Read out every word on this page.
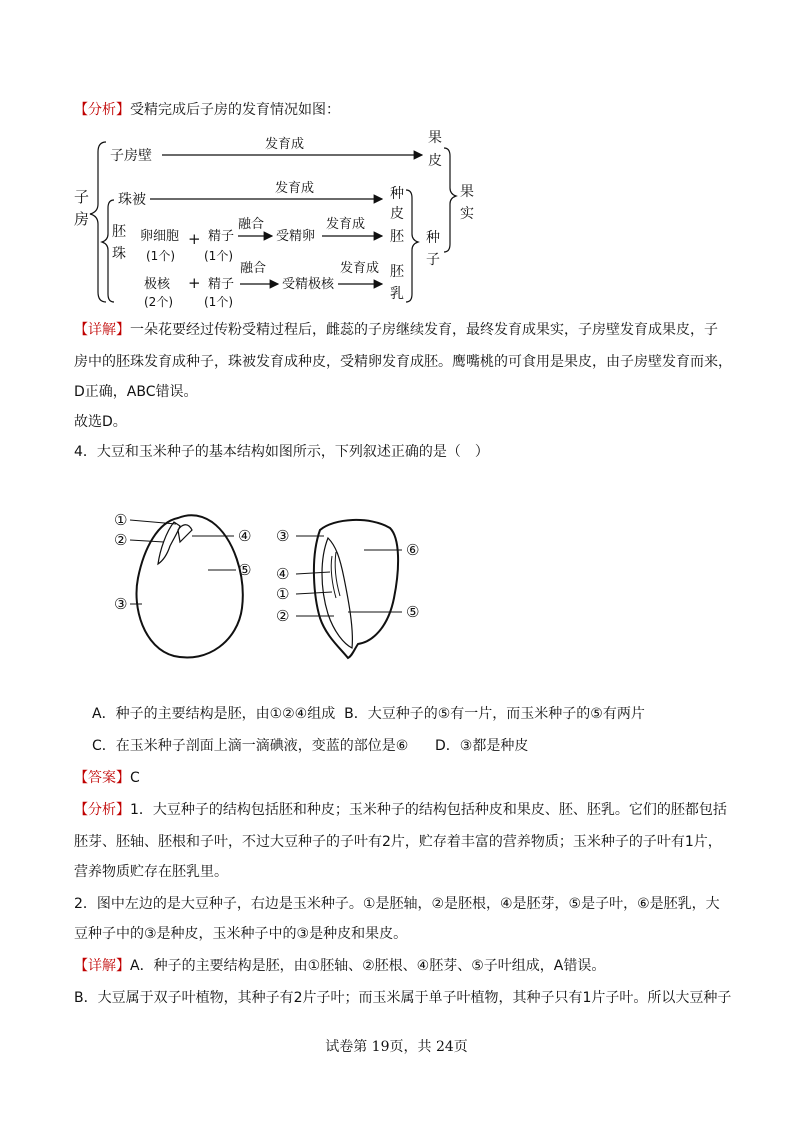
【分析】受精完成后子房的发育情况如图：
子
房
子房壁
发育成	果
皮
果
实
胚
珠
珠被
发育成	种
皮
卵细胞
(1个)
+ 精子
(1个)
融合
受精卵
发育成
胚 种
子
极核
(2个)
+ 精子
(1个)
融合
受精极核
发育成 胚
乳
【详解】一朵花要经过传粉受精过程后，雌蕊的子房继续发育，最终发育成果实，子房壁发育成果皮，子
房中的胚珠发育成种子，珠被发育成种皮，受精卵发育成胚。鹰嘴桃的可食用是果皮，由子房壁发育而来，
D正确，ABC错误。
故选D。
4．大豆和玉米种子的基本结构如图所示，下列叙述正确的是（　）
①
②
③
④
⑤
③
④
①
②
⑥
⑤
A．种子的主要结构是胚，由①②④组成 B．大豆种子的⑤有一片，而玉米种子的⑤有两片
C．在玉米种子剖面上滴一滴碘液，变蓝的部位是⑥ D．③都是种皮
【答案】C
【分析】1．大豆种子的结构包括胚和种皮；玉米种子的结构包括种皮和果皮、胚、胚乳。它们的胚都包括
胚芽、胚轴、胚根和子叶，不过大豆种子的子叶有2片，贮存着丰富的营养物质；玉米种子的子叶有1片，
营养物质贮存在胚乳里。
2．图中左边的是大豆种子，右边是玉米种子。①是胚轴，②是胚根，④是胚芽，⑤是子叶，⑥是胚乳，大
豆种子中的③是种皮，玉米种子中的③是种皮和果皮。
【详解】A．种子的主要结构是胚，由①胚轴、②胚根、④胚芽、⑤子叶组成，A错误。
B．大豆属于双子叶植物，其种子有2片子叶；而玉米属于单子叶植物，其种子只有1片子叶。所以大豆种子
试卷第 19页，共 24页
